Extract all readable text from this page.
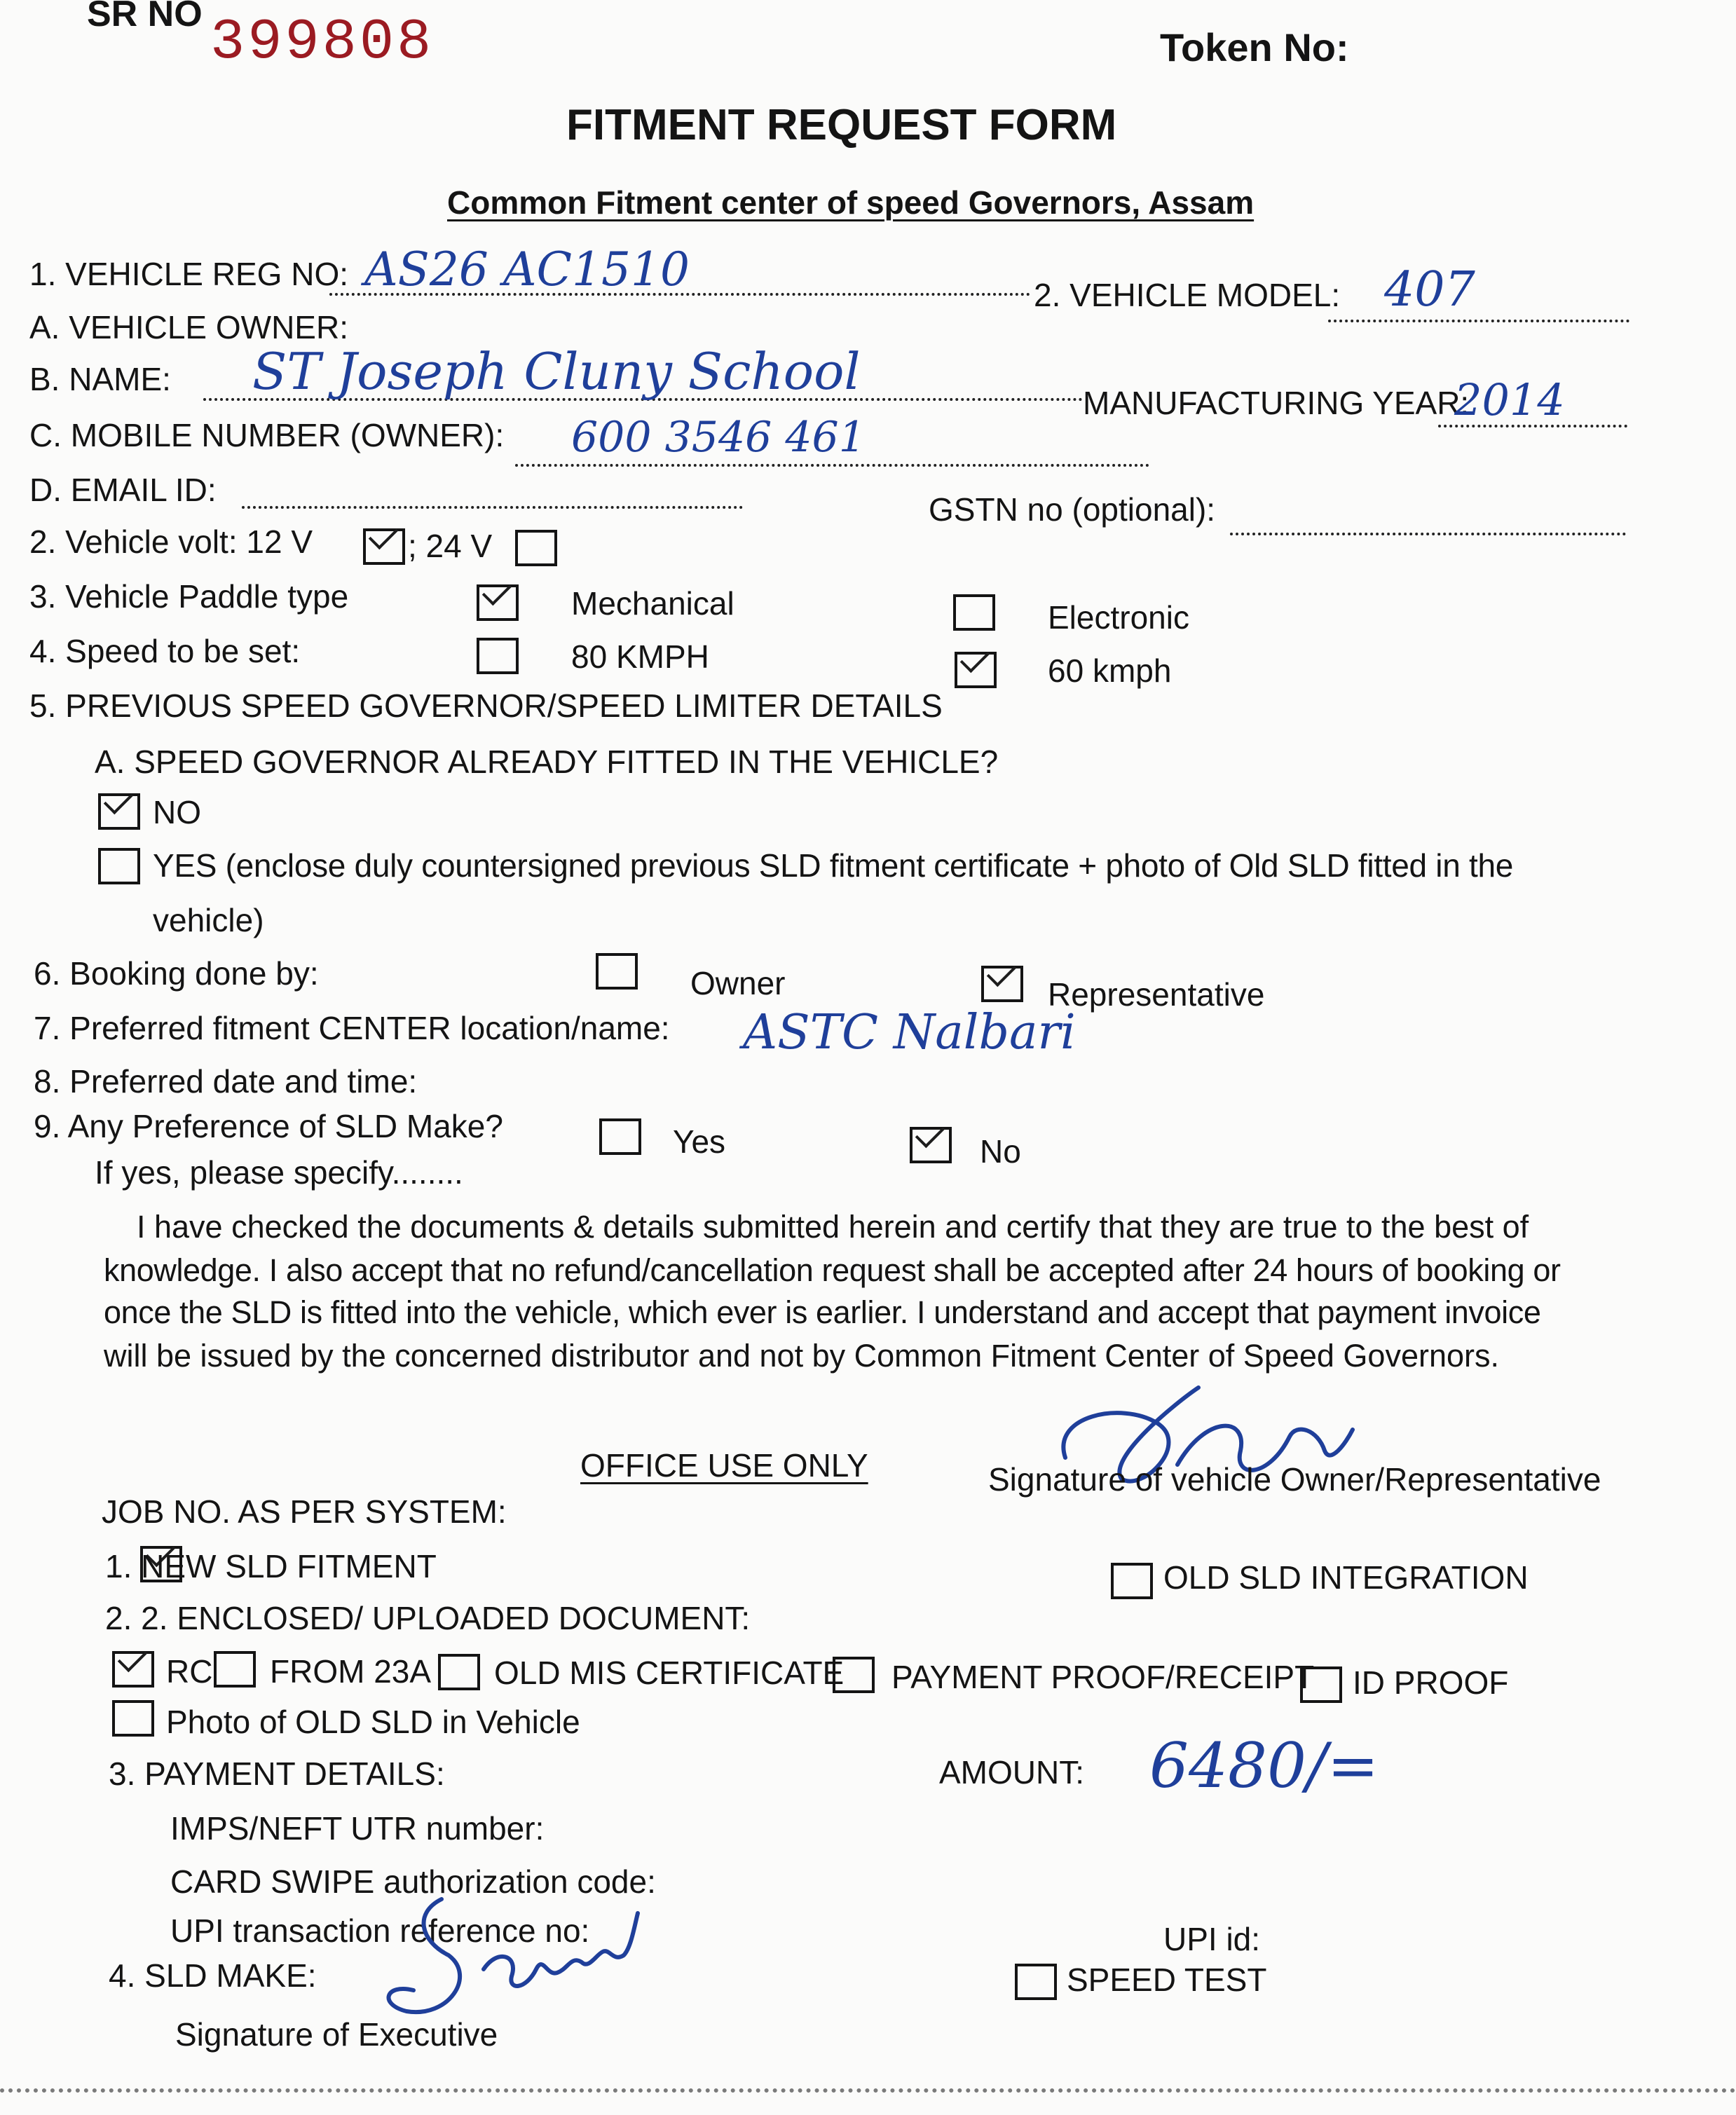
SR NO 399808	Token No:
FITMENT REQUEST FORM
Common Fitment center of speed Governors, Assam
1. VEHICLE REG NO: AS26 AC1510	2. VEHICLE MODEL: 407
A. VEHICLE OWNER:
B. NAME: ST Joseph Cluny School
MANUFACTURING YEAR:
2014
C. MOBILE NUMBER (OWNER): 600 3546 461
D. EMAIL ID:
GSTN no (optional):
2. Vehicle volt: 12 V	; 24 V
3. Vehicle Paddle type	Mechanical	Electronic
4. Speed to be set:	80 KMPH	60 kmph
5. PREVIOUS SPEED GOVERNOR/SPEED LIMITER DETAILS
A. SPEED GOVERNOR ALREADY FITTED IN THE VEHICLE?
NO
YES (enclose duly countersigned previous SLD fitment certificate + photo of Old SLD fitted in the
vehicle)
6. Booking done by:	Owner	Representative
7. Preferred fitment CENTER location/name: ASTC Nalbari
8. Preferred date and time:
9. Any Preference of SLD Make?
If yes, please specify........
Yes	No
I have checked the documents & details submitted herein and certify that they are true to the best of
knowledge. I also accept that no refund/cancellation request shall be accepted after 24 hours of booking or
once the SLD is fitted into the vehicle, which ever is earlier. I understand and accept that payment invoice
will be issued by the concerned distributor and not by Common Fitment Center of Speed Governors.
Signature of vehicle Owner/Representative
OFFICE USE ONLY
JOB NO. AS PER SYSTEM:
1. NEW SLD FITMENT	OLD SLD INTEGRATION
2. 2. ENCLOSED/ UPLOADED DOCUMENT:
RC FROM 23A OLD MIS CERTIFICATE PAYMENT PROOF/RECEIPT ID PROOF
Photo of OLD SLD in Vehicle
3. PAYMENT DETAILS:	AMOUNT: 6480/=
IMPS/NEFT UTR number:
CARD SWIPE authorization code:
UPI transaction reference no:	UPI id:
4. SLD MAKE:	SPEED TEST
Signature of Executive
